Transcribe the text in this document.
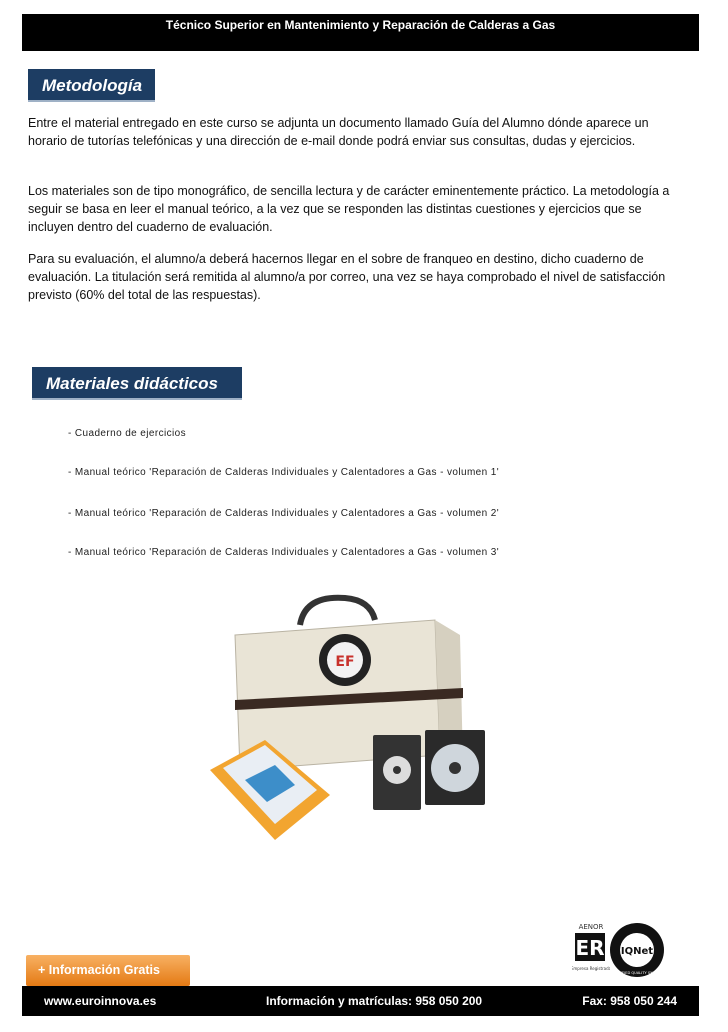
Técnico Superior en Mantenimiento y Reparación de Calderas a Gas
Metodología

Entre el material entregado en este curso se adjunta un documento llamado Guía del Alumno dónde aparece un horario de tutorías telefónicas y una dirección de e-mail donde podrá enviar sus consultas, dudas y ejercicios.

Los materiales son de tipo monográfico, de sencilla lectura y de carácter eminentemente práctico. La metodología a seguir se basa en leer el manual teórico, a la vez que se responden las distintas cuestiones y ejercicios que se incluyen dentro del cuaderno de evaluación.

Para su evaluación, el alumno/a deberá hacernos llegar en el sobre de franqueo en destino, dicho cuaderno de evaluación. La titulación será remitida al alumno/a por correo, una vez se haya comprobado el nivel de satisfacción previsto (60% del total de las respuestas).

Materiales didácticos
- Cuaderno de ejercicios
- Manual teórico 'Reparación de Calderas Individuales y Calentadores a Gas - volumen 1'
- Manual teórico 'Reparación de Calderas Individuales y Calentadores a Gas - volumen 2'
- Manual teórico 'Reparación de Calderas Individuales y Calentadores a Gas - volumen 3'
EF
+ Información Gratis
AENOR
ER
Empresa Registrada
IQNet
CERTIFIED QUALITY SYSTEM
www.euroinnova.es	Información y matrículas: 958 050 200	Fax: 958 050 244
